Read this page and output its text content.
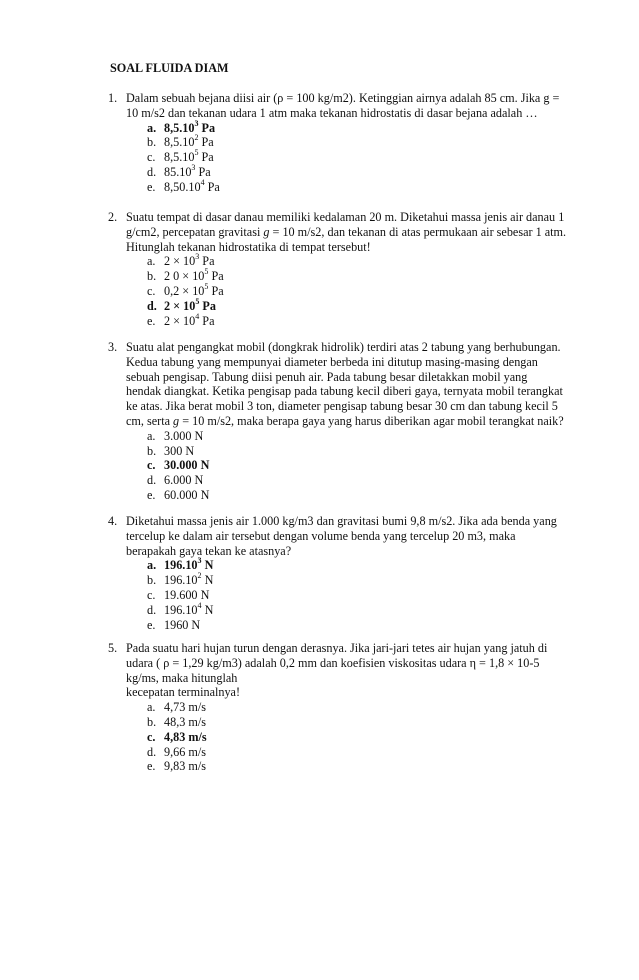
SOAL FLUIDA DIAM
1. Dalam sebuah bejana diisi air (ρ = 100 kg/m2). Ketinggian airnya adalah 85 cm. Jika g =
10 m/s2 dan tekanan udara 1 atm maka tekanan hidrostatis di dasar bejana adalah …
a. 8,5.10$^3$ Pa
b. 8,5.10$^2$ Pa
c. 8,5.10$^5$ Pa
d. 85.10$^3$ Pa
e. 8,50.10$^4$ Pa
2. Suatu tempat di dasar danau memiliki kedalaman 20 m. Diketahui massa jenis air danau 1
g/cm2, percepatan gravitasi g = 10 m/s2, dan tekanan di atas permukaan air sebesar 1 atm.
Hitunglah tekanan hidrostatika di tempat tersebut!
a. $2 \times 10^3$ Pa
b. 2 $0 \times 10^5$ Pa
c. $0,2 \times 10^5$ Pa
d. $2 \times 10^5$ Pa
e. $2 \times 10^4$ Pa
3. Suatu alat pengangkat mobil (dongkrak hidrolik) terdiri atas 2 tabung yang berhubungan.
Kedua tabung yang mempunyai diameter berbeda ini ditutup masing-masing dengan
sebuah pengisap. Tabung diisi penuh air. Pada tabung besar diletakkan mobil yang
hendak diangkat. Ketika pengisap pada tabung kecil diberi gaya, ternyata mobil terangkat
ke atas. Jika berat mobil 3 ton, diameter pengisap tabung besar 30 cm dan tabung kecil 5
cm, serta g = 10 m/s2, maka berapa gaya yang harus diberikan agar mobil terangkat naik?
a. 3.000 N
b. 300 N
c. 30.000 N
d. 6.000 N
e. 60.000 N
4. Diketahui massa jenis air 1.000 kg/m3 dan gravitasi bumi 9,8 m/s2. Jika ada benda yang
tercelup ke dalam air tersebut dengan volume benda yang tercelup 20 m3, maka
berapakah gaya tekan ke atasnya?
a. 196.10$^3$ N
b. 196.10$^2$ N
c. 19.600 N
d. 196.10$^4$ N
e. 1960 N
5. Pada suatu hari hujan turun dengan derasnya. Jika jari-jari tetes air hujan yang jatuh di
udara ( ρ = 1,29 kg/m3) adalah 0,2 mm dan koefisien viskositas udara η = 1,8 × 10-5
kg/ms, maka hitunglah
kecepatan terminalnya!
a. 4,73 m/s
b. 48,3 m/s
c. 4,83 m/s
d. 9,66 m/s
e. 9,83 m/s
